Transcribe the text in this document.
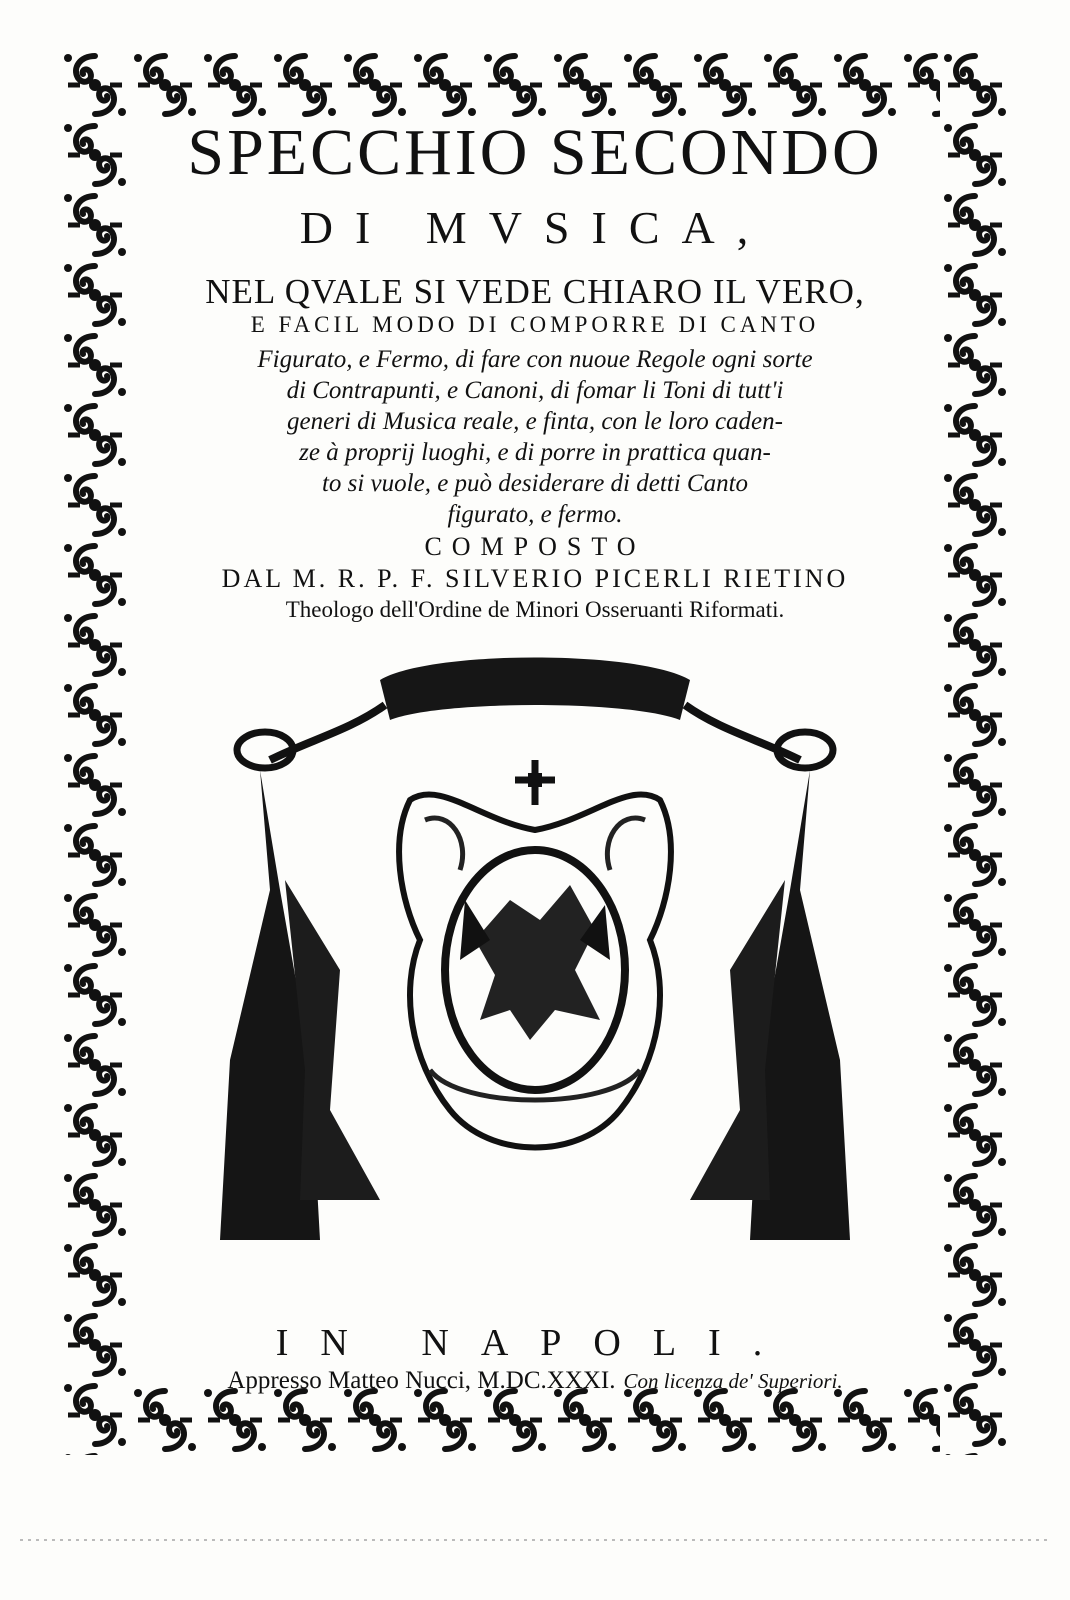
SPECCHIO SECONDO
DI MVSICA,
NEL QVALE SI VEDE CHIARO IL VERO,
E FACIL MODO DI COMPORRE DI CANTO
Figurato, e Fermo, di fare con nuoue Regole ogni sorte
di Contrapunti, e Canoni, di fomar li Toni di tutt'i
generi di Musica reale, e finta, con le loro caden-
ze à proprij luoghi, e di porre in prattica quan-
to si vuole, e può desiderare di detti Canto
figurato, e fermo.
COMPOSTO
DAL M. R. P. F. SILVERIO PICERLI RIETINO
Theologo dell'Ordine de Minori Osseruanti Riformati.
IN NAPOLI.
Appresso Matteo Nucci, M.DC.XXXI. Con licenza de' Superiori.
